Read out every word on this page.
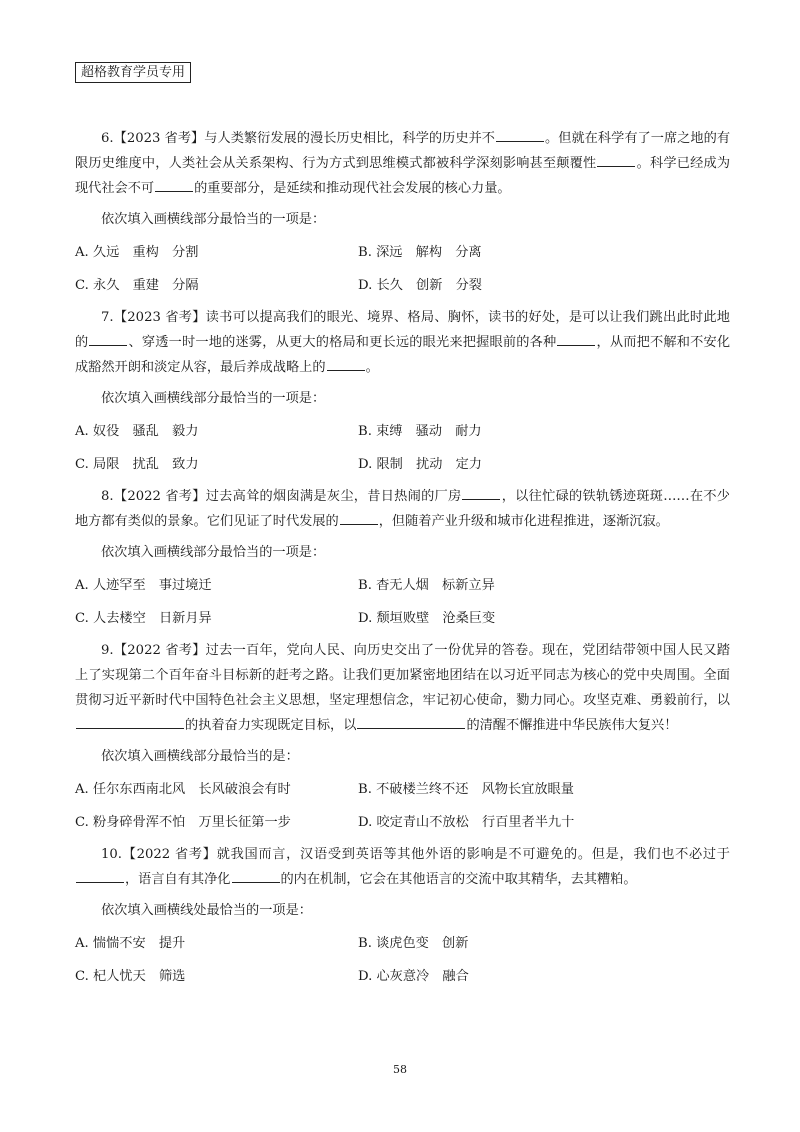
超格教育学员专用

6.【2023 省考】与人类繁衍发展的漫长历史相比，科学的历史并不	。但就在科学有了一席之地的有限历史维度中，人类社会从关系架构、行为方式到思维模式都被科学深刻影响甚至颠覆性	。科学已经成为现代社会不可	的重要部分，是延续和推动现代社会发展的核心力量。

依次填入画横线部分最恰当的一项是：
A. 久远　重构　分割	B. 深远　解构　分离
C. 永久　重建　分隔	D. 长久　创新　分裂

7.【2023 省考】读书可以提高我们的眼光、境界、格局、胸怀，读书的好处，是可以让我们跳出此时此地的	、穿透一时一地的迷雾，从更大的格局和更长远的眼光来把握眼前的各种	，从而把不解和不安化成豁然开朗和淡定从容，最后养成战略上的	。

依次填入画横线部分最恰当的一项是：
A. 奴役　骚乱　毅力	B. 束缚　骚动　耐力
C. 局限　扰乱　致力	D. 限制　扰动　定力

8.【2022 省考】过去高耸的烟囱满是灰尘，昔日热闹的厂房	，以往忙碌的铁轨锈迹斑斑……在不少地方都有类似的景象。它们见证了时代发展的	，但随着产业升级和城市化进程推进，逐渐沉寂。

依次填入画横线部分最恰当的一项是：
A. 人迹罕至　事过境迁	B. 杳无人烟　标新立异
C. 人去楼空　日新月异	D. 颓垣败壁　沧桑巨变

9.【2022 省考】过去一百年，党向人民、向历史交出了一份优异的答卷。现在，党团结带领中国人民又踏上了实现第二个百年奋斗目标新的赶考之路。让我们更加紧密地团结在以习近平同志为核心的党中央周围。全面贯彻习近平新时代中国特色社会主义思想，坚定理想信念，牢记初心使命，勠力同心。攻坚克难、勇毅前行，以的执着奋力实现既定目标，以	的清醒不懈推进中华民族伟大复兴！

依次填入画横线部分最恰当的是：
A. 任尔东西南北风　长风破浪会有时	B. 不破楼兰终不还　风物长宜放眼量
C. 粉身碎骨浑不怕　万里长征第一步	D. 咬定青山不放松　行百里者半九十

10.【2022 省考】就我国而言，汉语受到英语等其他外语的影响是不可避免的。但是，我们也不必过于，语言自有其净化	的内在机制，它会在其他语言的交流中取其精华，去其糟粕。

依次填入画横线处最恰当的一项是：
A. 惴惴不安　提升	B. 谈虎色变　创新
C. 杞人忧天　筛选	D. 心灰意冷　融合
58
